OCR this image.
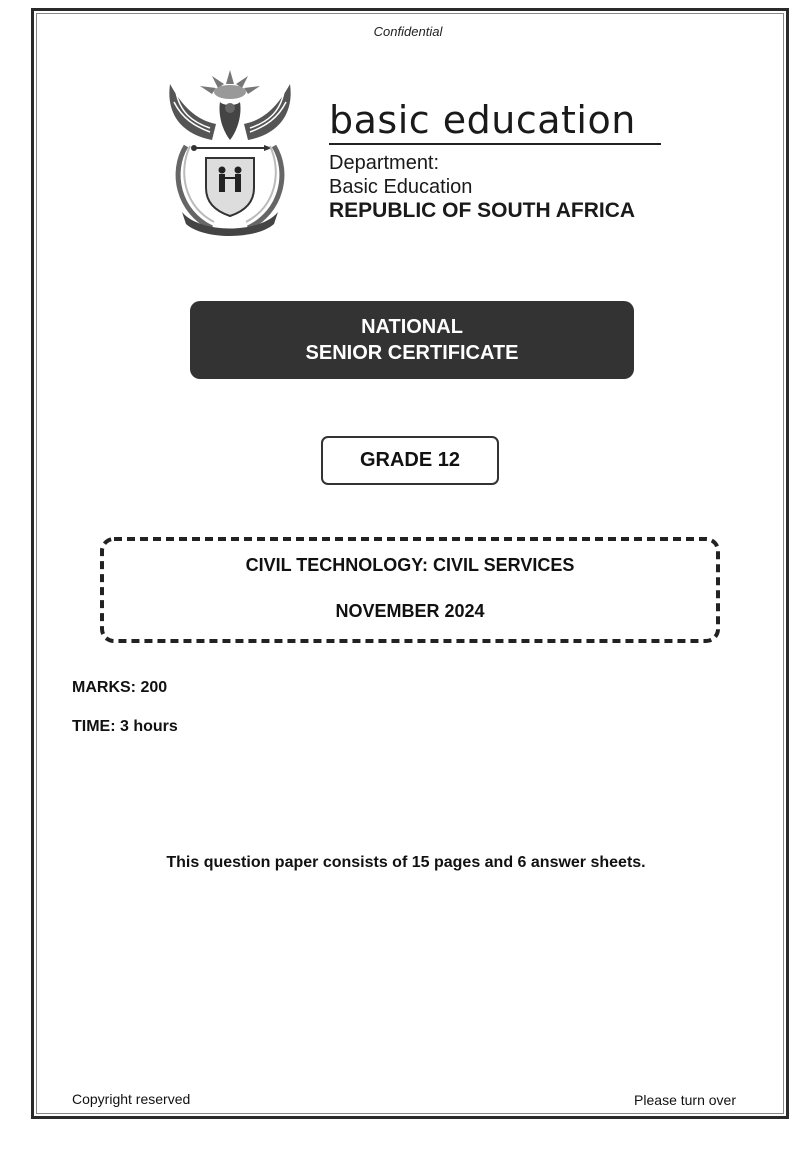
Confidential
basic education
Department:
Basic Education
REPUBLIC OF SOUTH AFRICA
NATIONAL
SENIOR CERTIFICATE
GRADE 12
CIVIL TECHNOLOGY: CIVIL SERVICES
NOVEMBER 2024
MARKS: 200
TIME: 3 hours
This question paper consists of 15 pages and 6 answer sheets.
Copyright reserved	Please turn over
